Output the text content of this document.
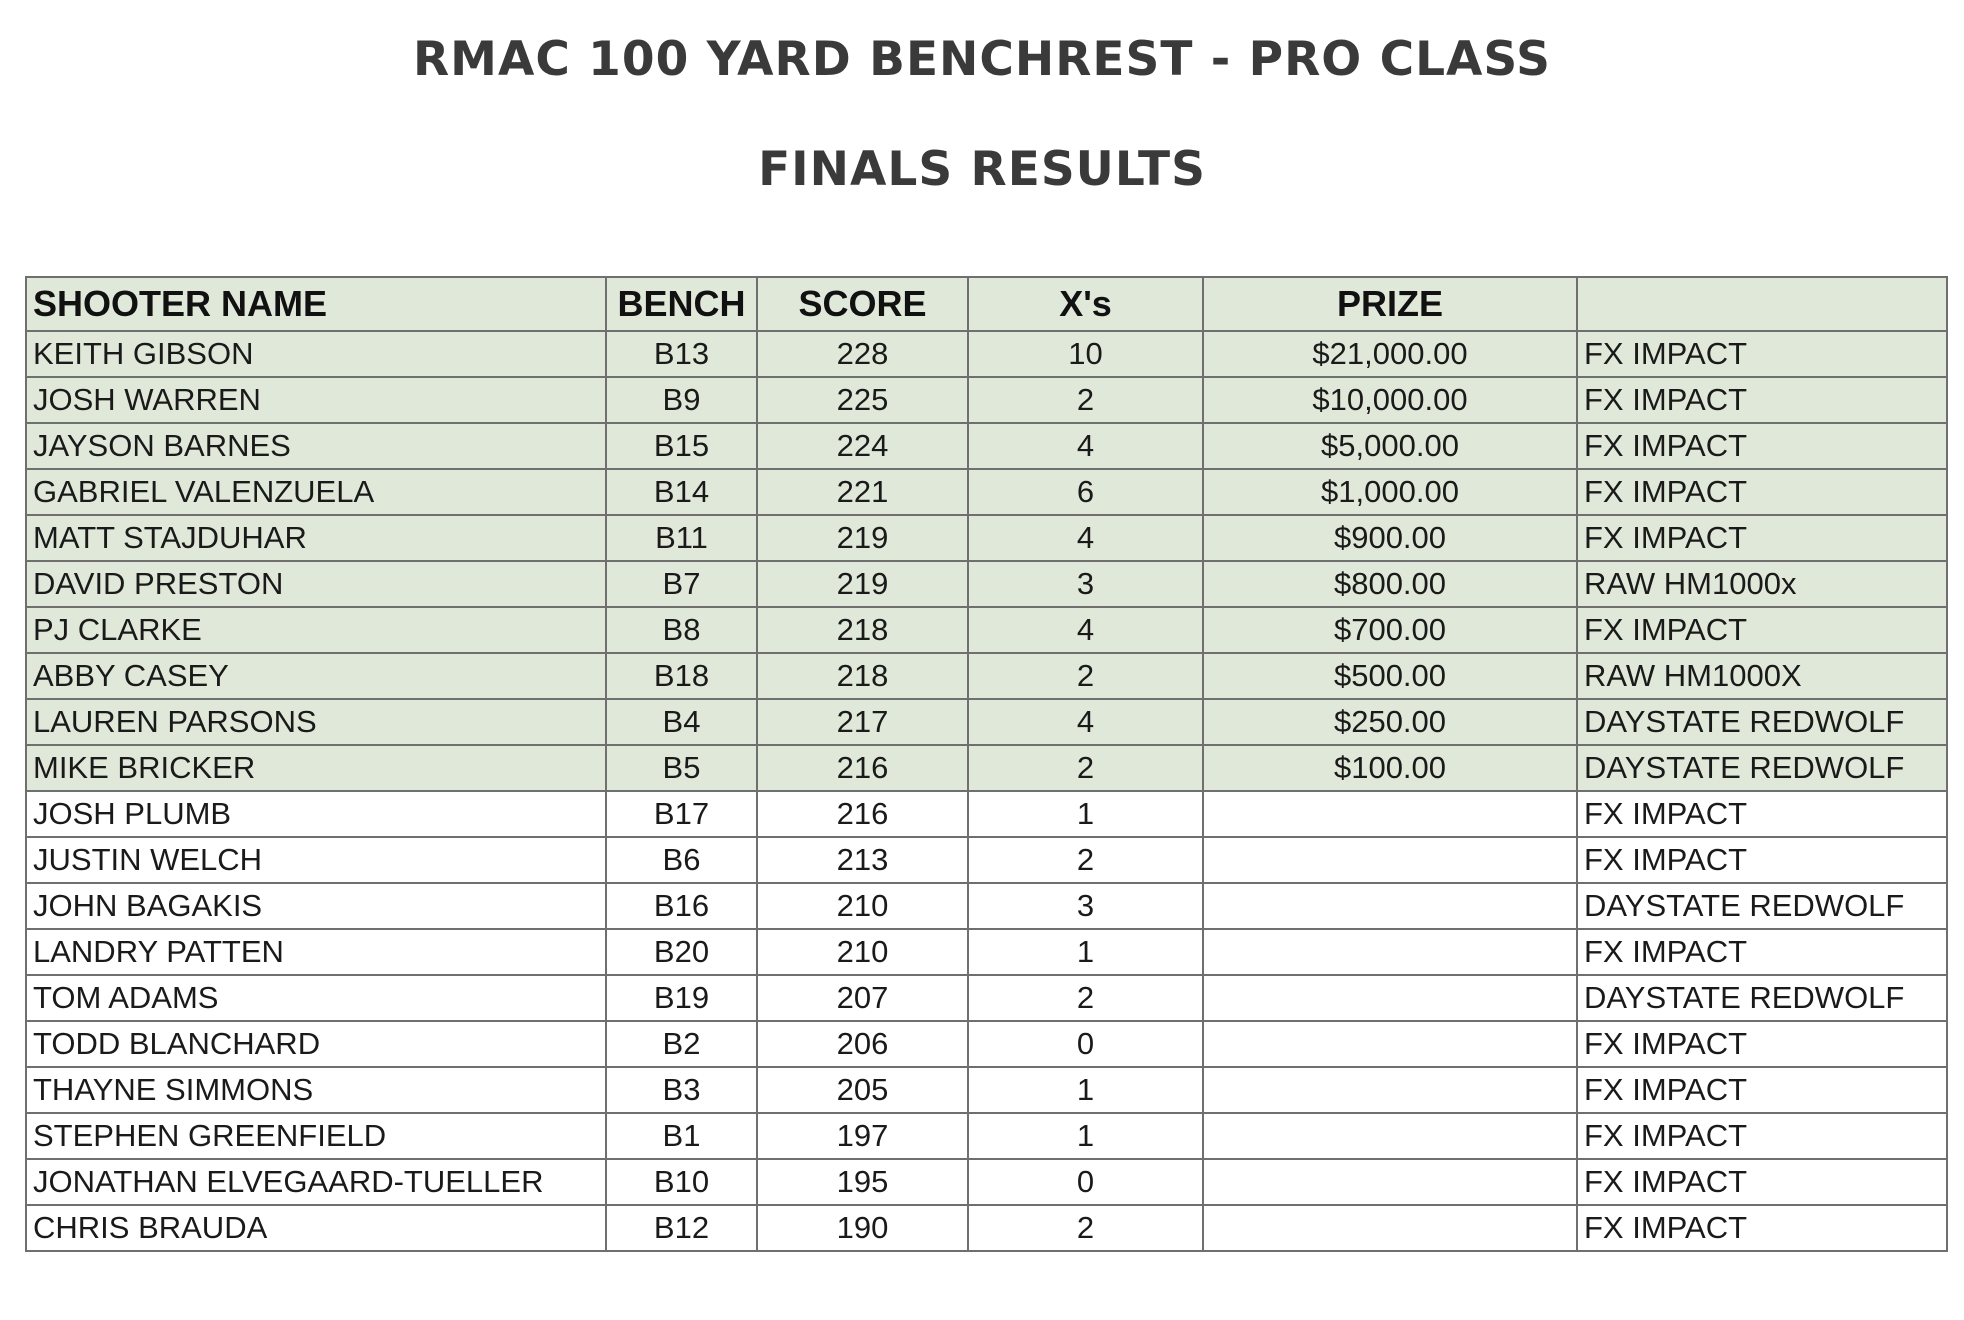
RMAC 100 YARD BENCHREST - PRO CLASS
FINALS RESULTS
SHOOTER NAME	BENCH	SCORE	X's	PRIZE	
KEITH GIBSON	B13	228	10	$21,000.00	FX IMPACT
JOSH WARREN	B9	225	2	$10,000.00	FX IMPACT
JAYSON BARNES	B15	224	4	$5,000.00	FX IMPACT
GABRIEL VALENZUELA	B14	221	6	$1,000.00	FX IMPACT
MATT STAJDUHAR	B11	219	4	$900.00	FX IMPACT
DAVID PRESTON	B7	219	3	$800.00	RAW HM1000x
PJ CLARKE	B8	218	4	$700.00	FX IMPACT
ABBY CASEY	B18	218	2	$500.00	RAW HM1000X
LAUREN PARSONS	B4	217	4	$250.00	DAYSTATE REDWOLF
MIKE BRICKER	B5	216	2	$100.00	DAYSTATE REDWOLF
JOSH PLUMB	B17	216	1		FX IMPACT
JUSTIN WELCH	B6	213	2		FX IMPACT
JOHN BAGAKIS	B16	210	3		DAYSTATE REDWOLF
LANDRY PATTEN	B20	210	1		FX IMPACT
TOM ADAMS	B19	207	2		DAYSTATE REDWOLF
TODD BLANCHARD	B2	206	0		FX IMPACT
THAYNE SIMMONS	B3	205	1		FX IMPACT
STEPHEN GREENFIELD	B1	197	1		FX IMPACT
JONATHAN ELVEGAARD-TUELLER	B10	195	0		FX IMPACT
CHRIS BRAUDA	B12	190	2		FX IMPACT
